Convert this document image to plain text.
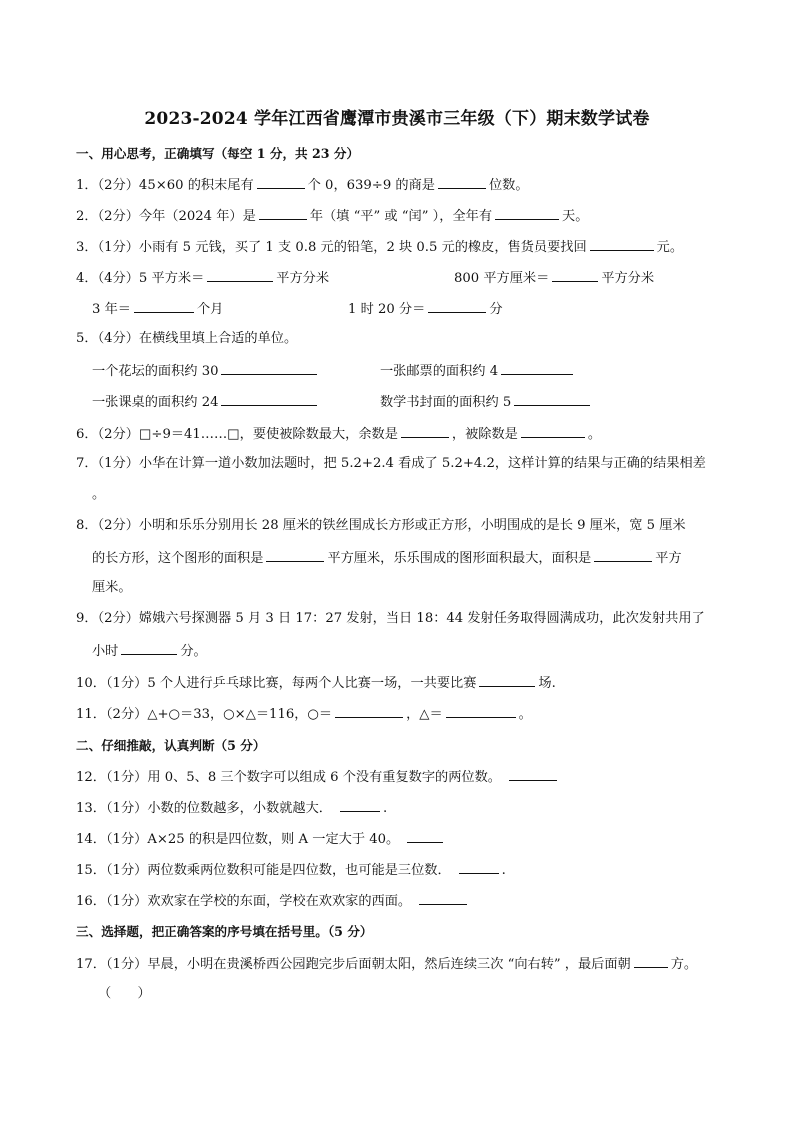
2023-2024 学年江西省鹰潭市贵溪市三年级（下）期末数学试卷
一、用心思考，正确填写（每空 1 分，共 23 分）
1．（2分）45×60 的积末尾有	个 0，639÷9 的商是	位数。
2．（2分）今年（2024 年）是	年（填 “平” 或 “闰” ），全年有	天。
3．（1分）小雨有 5 元钱，买了 1 支 0.8 元的铅笔，2 块 0.5 元的橡皮，售货员要找回	元。
4．（4分）5 平方米＝	平方分米	800 平方厘米＝	平方分米
3 年＝	个月	1 时 20 分＝	分
5．（4分）在横线里填上合适的单位。
一个花坛的面积约 30	一张邮票的面积约 4
一张课桌的面积约 24	数学书封面的面积约 5
6．（2分）□÷9＝41……□，要使被除数最大，余数是	，被除数是	。
7．（1分）小华在计算一道小数加法题时，把 5.2+2.4 看成了 5.2+4.2，这样计算的结果与正确的结果相差
。
8．（2分）小明和乐乐分别用长 28 厘米的铁丝围成长方形或正方形，小明围成的是长 9 厘米，宽 5 厘米
的长方形，这个图形的面积是	平方厘米，乐乐围成的图形面积最大，面积是	平方
厘米。
9．（2分）嫦娥六号探测器 5 月 3 日 17：27 发射，当日 18：44 发射任务取得圆满成功，此次发射共用了
小时	分。
10．（1分）5 个人进行乒乓球比赛，每两个人比赛一场，一共要比赛	场.
11．（2分）△+○＝33，○×△＝116，○＝	，△＝	。
二、仔细推敲，认真判断（5 分）
12．（1分）用 0、5、8 三个数字可以组成 6 个没有重复数字的两位数。
13．（1分）小数的位数越多，小数就越大．	.
14．（1分）A×25 的积是四位数，则 A 一定大于 40。
15．（1分）两位数乘两位数积可能是四位数，也可能是三位数．	.
16．（1分）欢欢家在学校的东面，学校在欢欢家的西面。
三、选择题，把正确答案的序号填在括号里。（5 分）
17．（1分）早晨，小明在贵溪桥西公园跑完步后面朝太阳，然后连续三次 “向右转” ，最后面朝	方。
（　　）
